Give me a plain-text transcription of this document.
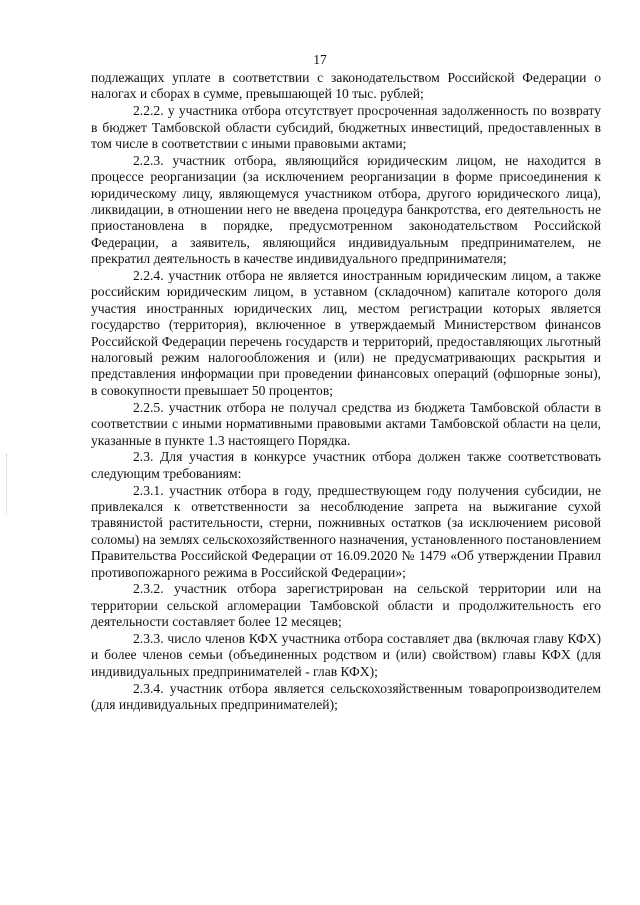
17

подлежащих уплате в соответствии с законодательством Российской Федерации о налогах и сборах в сумме, превышающей 10 тыс. рублей;

2.2.2. у участника отбора отсутствует просроченная задолженность по возврату в бюджет Тамбовской области субсидий, бюджетных инвестиций, предоставленных в том числе в соответствии с иными правовыми актами;

2.2.3. участник отбора, являющийся юридическим лицом, не находится в процессе реорганизации (за исключением реорганизации в форме присоединения к юридическому лицу, являющемуся участником отбора, другого юридического лица), ликвидации, в отношении него не введена процедура банкротства, его деятельность не приостановлена в порядке, предусмотренном законодательством Российской Федерации, а заявитель, являющийся индивидуальным предпринимателем, не прекратил деятельность в качестве индивидуального предпринимателя;

2.2.4. участник отбора не является иностранным юридическим лицом, а также российским юридическим лицом, в уставном (складочном) капитале которого доля участия иностранных юридических лиц, местом регистрации которых является государство (территория), включенное в утверждаемый Министерством финансов Российской Федерации перечень государств и территорий, предоставляющих льготный налоговый режим налогообложения и (или) не предусматривающих раскрытия и представления информации при проведении финансовых операций (офшорные зоны), в совокупности превышает 50 процентов;

2.2.5. участник отбора не получал средства из бюджета Тамбовской области в соответствии с иными нормативными правовыми актами Тамбовской области на цели, указанные в пункте 1.3 настоящего Порядка.

2.3. Для участия в конкурсе участник отбора должен также соответствовать следующим требованиям:

2.3.1. участник отбора в году, предшествующем году получения субсидии, не привлекался к ответственности за несоблюдение запрета на выжигание сухой травянистой растительности, стерни, пожнивных остатков (за исключением рисовой соломы) на землях сельскохозяйственного назначения, установленного постановлением Правительства Российской Федерации от 16.09.2020 № 1479 «Об утверждении Правил противопожарного режима в Российской Федерации»;

2.3.2. участник отбора зарегистрирован на сельской территории или на территории сельской агломерации Тамбовской области и продолжительность его деятельности составляет более 12 месяцев;

2.3.3. число членов КФХ участника отбора составляет два (включая главу КФХ) и более членов семьи (объединенных родством и (или) свойством) главы КФХ (для индивидуальных предпринимателей - глав КФХ);

2.3.4. участник отбора является сельскохозяйственным товаропроизводителем (для индивидуальных предпринимателей);
